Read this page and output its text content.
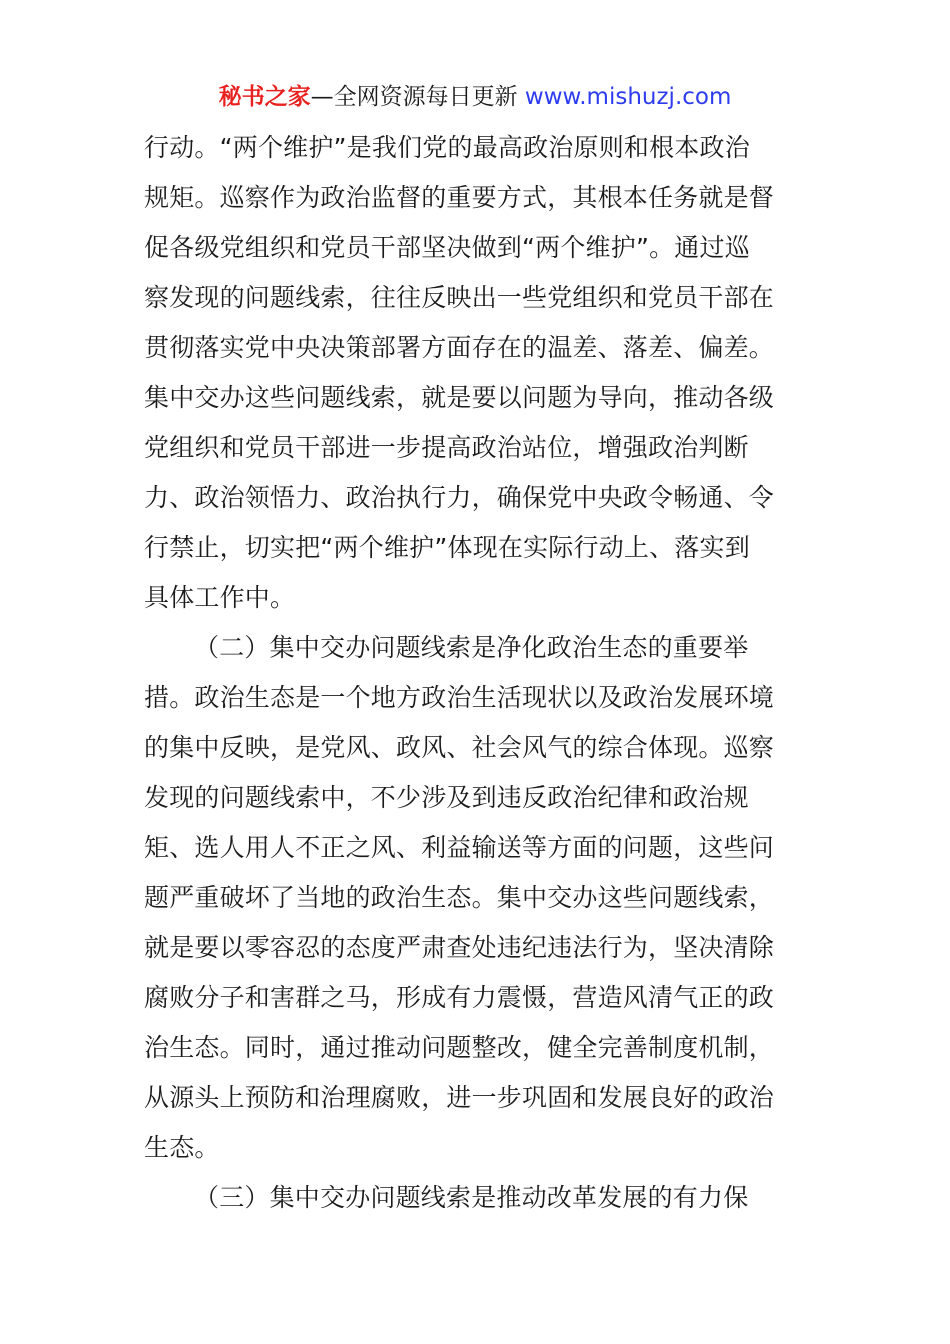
秘书之家—全网资源每日更新 www.mishuzj.com
行动。“两个维护”是我们党的最高政治原则和根本政治
规矩。巡察作为政治监督的重要方式，其根本任务就是督
促各级党组织和党员干部坚决做到“两个维护”。通过巡
察发现的问题线索，往往反映出一些党组织和党员干部在
贯彻落实党中央决策部署方面存在的温差、落差、偏差。
集中交办这些问题线索，就是要以问题为导向，推动各级
党组织和党员干部进一步提高政治站位，增强政治判断
力、政治领悟力、政治执行力，确保党中央政令畅通、令
行禁止，切实把“两个维护”体现在实际行动上、落实到
具体工作中。
（二）集中交办问题线索是净化政治生态的重要举
措。政治生态是一个地方政治生活现状以及政治发展环境
的集中反映，是党风、政风、社会风气的综合体现。巡察
发现的问题线索中，不少涉及到违反政治纪律和政治规
矩、选人用人不正之风、利益输送等方面的问题，这些问
题严重破坏了当地的政治生态。集中交办这些问题线索，
就是要以零容忍的态度严肃查处违纪违法行为，坚决清除
腐败分子和害群之马，形成有力震慑，营造风清气正的政
治生态。同时，通过推动问题整改，健全完善制度机制，
从源头上预防和治理腐败，进一步巩固和发展良好的政治
生态。
（三）集中交办问题线索是推动改革发展的有力保
